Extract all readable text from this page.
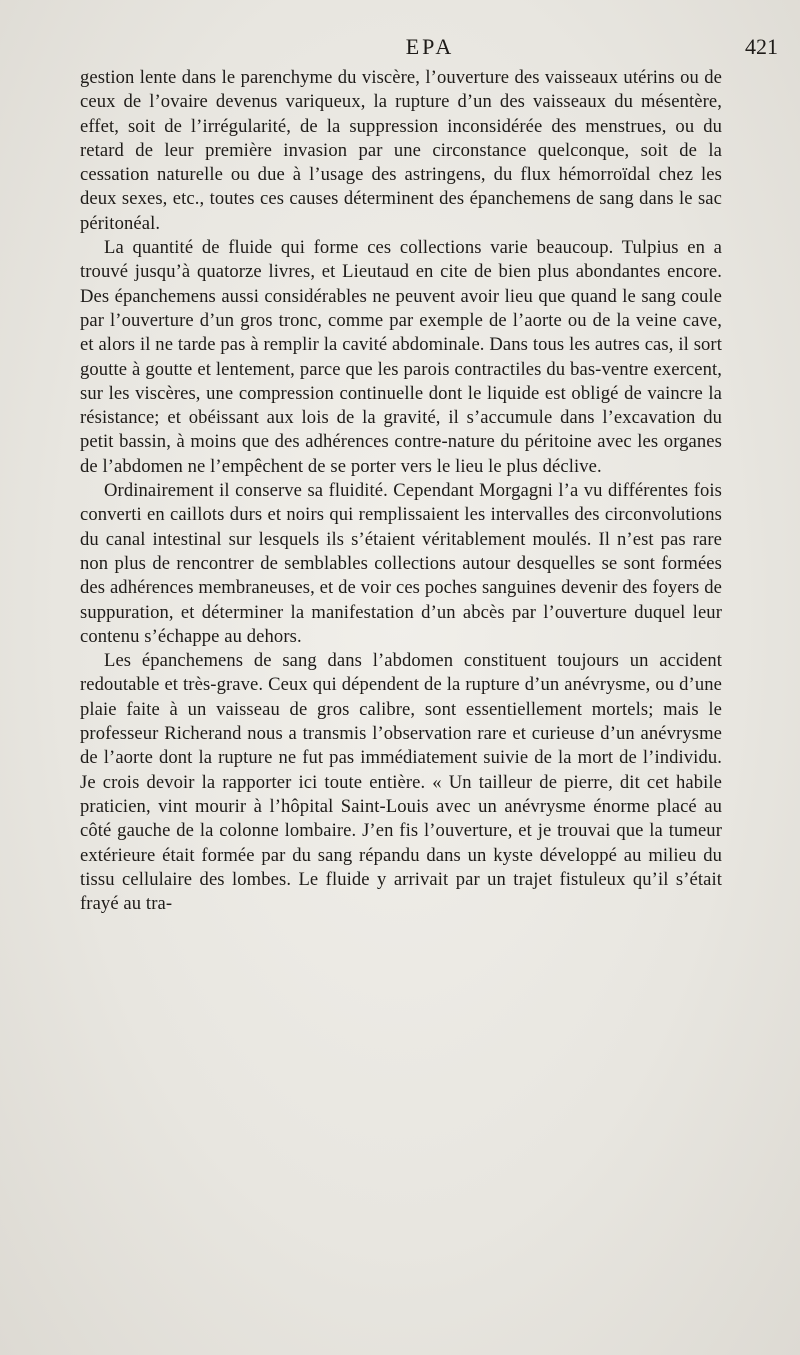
EPA	421

gestion lente dans le parenchyme du viscère, l’ouverture des vaisseaux utérins ou de ceux de l’ovaire devenus variqueux, la rupture d’un des vaisseaux du mésentère, effet, soit de l’irrégularité, de la suppression inconsidérée des menstrues, ou du retard de leur première invasion par une circonstance quelconque, soit de la cessation naturelle ou due à l’usage des astringens, du flux hémorroïdal chez les deux sexes, etc., toutes ces causes déterminent des épanchemens de sang dans le sac péritonéal.

La quantité de fluide qui forme ces collections varie beaucoup. Tulpius en a trouvé jusqu’à quatorze livres, et Lieutaud en cite de bien plus abondantes encore. Des épanchemens aussi considérables ne peuvent avoir lieu que quand le sang coule par l’ouverture d’un gros tronc, comme par exemple de l’aorte ou de la veine cave, et alors il ne tarde pas à remplir la cavité abdominale. Dans tous les autres cas, il sort goutte à goutte et lentement, parce que les parois contractiles du bas-ventre exercent, sur les viscères, une compression continuelle dont le liquide est obligé de vaincre la résistance; et obéissant aux lois de la gravité, il s’accumule dans l’excavation du petit bassin, à moins que des adhérences contre-nature du péritoine avec les organes de l’abdomen ne l’empêchent de se porter vers le lieu le plus déclive.

Ordinairement il conserve sa fluidité. Cependant Morgagni l’a vu différentes fois converti en caillots durs et noirs qui remplissaient les intervalles des circonvolutions du canal intestinal sur lesquels ils s’étaient véritablement moulés. Il n’est pas rare non plus de rencontrer de semblables collections autour desquelles se sont formées des adhérences membraneuses, et de voir ces poches sanguines devenir des foyers de suppuration, et déterminer la manifestation d’un abcès par l’ouverture duquel leur contenu s’échappe au dehors.

Les épanchemens de sang dans l’abdomen constituent toujours un accident redoutable et très-grave. Ceux qui dépendent de la rupture d’un anévrysme, ou d’une plaie faite à un vaisseau de gros calibre, sont essentiellement mortels; mais le professeur Richerand nous a transmis l’observation rare et curieuse d’un anévrysme de l’aorte dont la rupture ne fut pas immédiatement suivie de la mort de l’individu. Je crois devoir la rapporter ici toute entière. « Un tailleur de pierre, dit cet habile praticien, vint mourir à l’hôpital Saint-Louis avec un anévrysme énorme placé au côté gauche de la colonne lombaire. J’en fis l’ouverture, et je trouvai que la tumeur extérieure était formée par du sang répandu dans un kyste développé au milieu du tissu cellulaire des lombes. Le fluide y arrivait par un trajet fistuleux qu’il s’était frayé au tra-
